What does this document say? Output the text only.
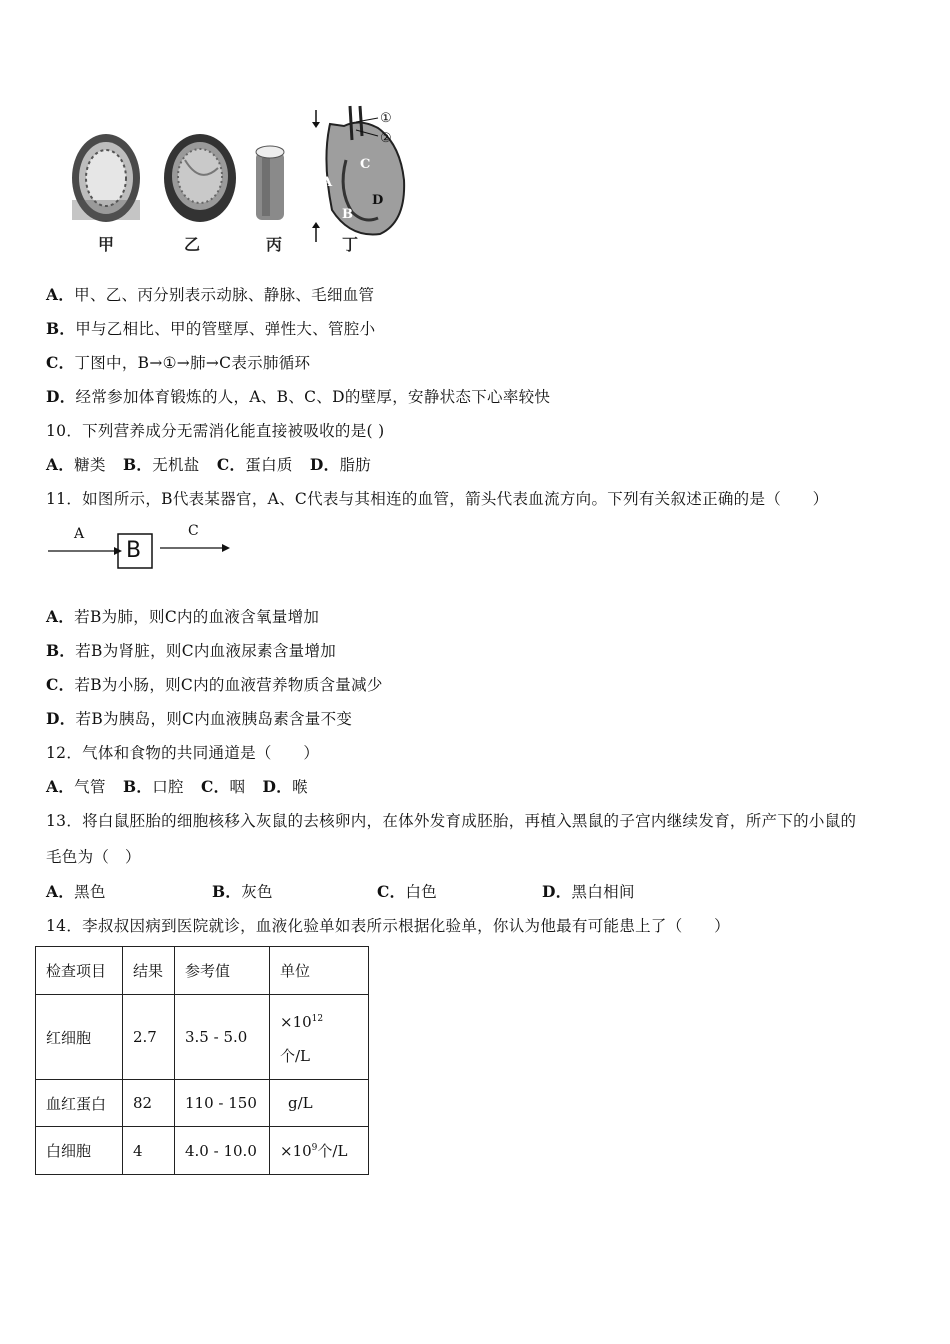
A
B
C
D
①
②
甲	乙	丙	丁
A．甲、乙、丙分别表示动脉、静脉、毛细血管
B．甲与乙相比、甲的管壁厚、弹性大、管腔小
C．丁图中，B→①→肺→C表示肺循环
D．经常参加体育锻炼的人，A、B、C、D的壁厚，安静状态下心率较快
10．下列营养成分无需消化能直接被吸收的是( )
A．糖类 B．无机盐 C．蛋白质 D．脂肪
11．如图所示，B代表某器官，A、C代表与其相连的血管，箭头代表血流方向。下列有关叙述正确的是（　　）
A
B
C
A．若B为肺，则C内的血液含氧量增加
B．若B为肾脏，则C内血液尿素含量增加
C．若B为小肠，则C内的血液营养物质含量减少
D．若B为胰岛，则C内血液胰岛素含量不变
12．气体和食物的共同通道是（　　）
A．气管 B．口腔 C．咽 D．喉
13．将白鼠胚胎的细胞核移入灰鼠的去核卵内，在体外发育成胚胎，再植入黑鼠的子宫内继续发育，所产下的小鼠的
毛色为（　）
A．黑色	B．灰色	C．白色	D．黑白相间
14．李叔叔因病到医院就诊，血液化验单如表所示根据化验单，你认为他最有可能患上了（　　）
检查项目	结果	参考值	单位
红细胞	2.7	3.5 - 5.0	$\times 10^{12}$
个/L
血红蛋白	82	110 - 150	g/L
白细胞	4	4.0 - 10.0	$\times 10^9$个/L
